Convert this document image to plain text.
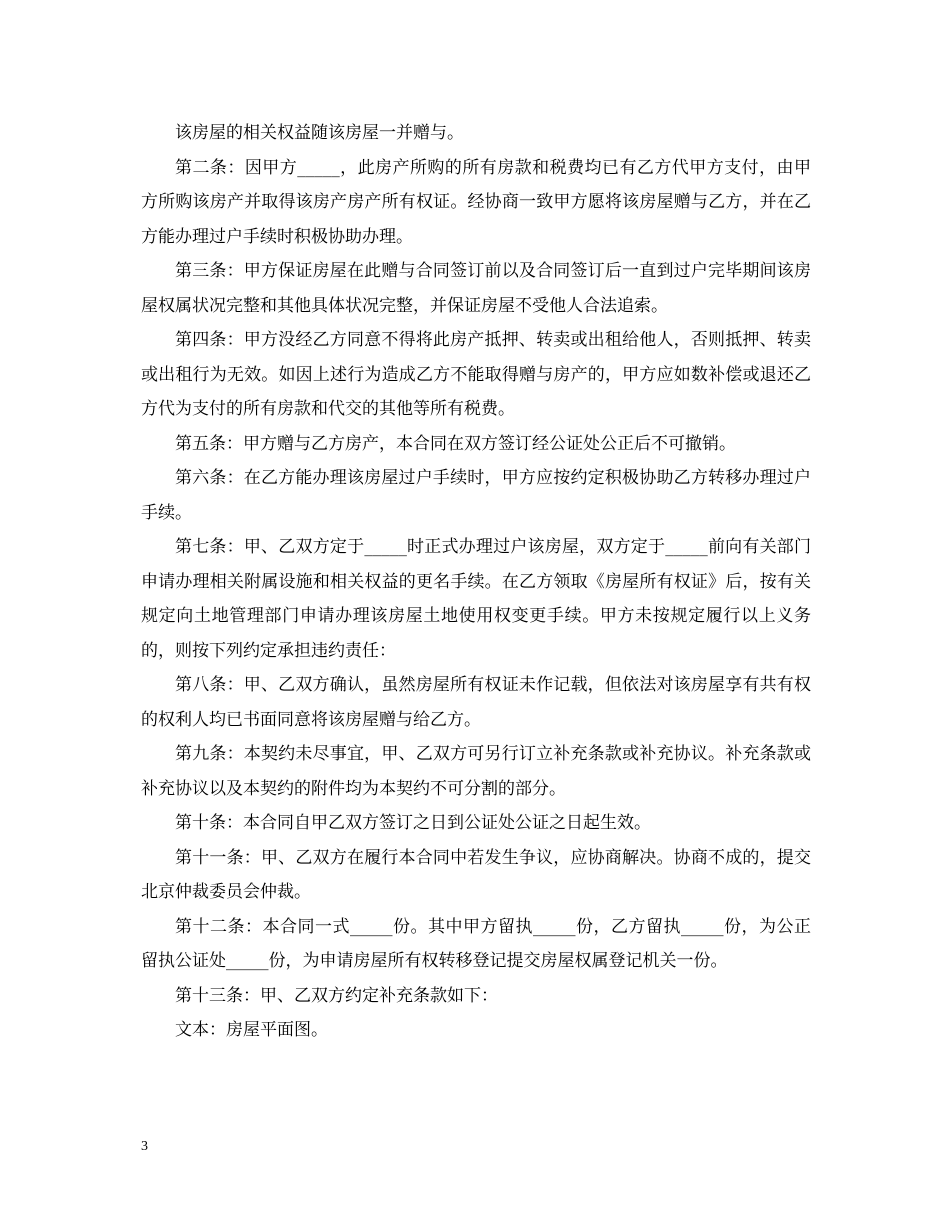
该房屋的相关权益随该房屋一并赠与。

第二条：因甲方_____，此房产所购的所有房款和税费均已有乙方代甲方支付，由甲方所购该房产并取得该房产房产所有权证。经协商一致甲方愿将该房屋赠与乙方，并在乙方能办理过户手续时积极协助办理。

第三条：甲方保证房屋在此赠与合同签订前以及合同签订后一直到过户完毕期间该房屋权属状况完整和其他具体状况完整，并保证房屋不受他人合法追索。

第四条：甲方没经乙方同意不得将此房产抵押、转卖或出租给他人，否则抵押、转卖或出租行为无效。如因上述行为造成乙方不能取得赠与房产的，甲方应如数补偿或退还乙方代为支付的所有房款和代交的其他等所有税费。

第五条：甲方赠与乙方房产，本合同在双方签订经公证处公正后不可撤销。

第六条：在乙方能办理该房屋过户手续时，甲方应按约定积极协助乙方转移办理过户手续。

第七条：甲、乙双方定于_____时正式办理过户该房屋，双方定于_____前向有关部门申请办理相关附属设施和相关权益的更名手续。在乙方领取《房屋所有权证》后，按有关规定向土地管理部门申请办理该房屋土地使用权变更手续。甲方未按规定履行以上义务的，则按下列约定承担违约责任：

第八条：甲、乙双方确认，虽然房屋所有权证未作记载，但依法对该房屋享有共有权的权利人均已书面同意将该房屋赠与给乙方。

第九条：本契约未尽事宜，甲、乙双方可另行订立补充条款或补充协议。补充条款或补充协议以及本契约的附件均为本契约不可分割的部分。

第十条：本合同自甲乙双方签订之日到公证处公证之日起生效。

第十一条：甲、乙双方在履行本合同中若发生争议，应协商解决。协商不成的，提交北京仲裁委员会仲裁。

第十二条：本合同一式_____份。其中甲方留执_____份，乙方留执_____份，为公正留执公证处_____份，为申请房屋所有权转移登记提交房屋权属登记机关一份。

第十三条：甲、乙双方约定补充条款如下：

文本：房屋平面图。

3
